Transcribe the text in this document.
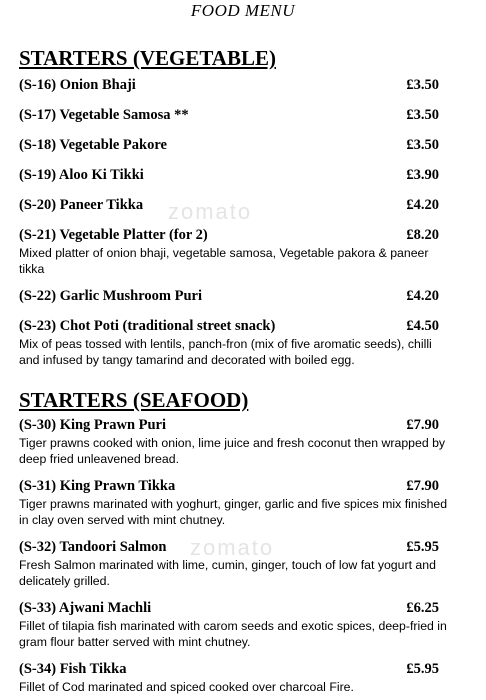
FOOD MENU
STARTERS (VEGETABLE)
(S-16) Onion Bhaji	£3.50
(S-17) Vegetable Samosa **	£3.50
(S-18) Vegetable Pakore	£3.50
(S-19) Aloo Ki Tikki	£3.90
(S-20) Paneer Tikka	£4.20
(S-21) Vegetable Platter (for 2)	£8.20
Mixed platter of onion bhaji, vegetable samosa, Vegetable pakora & paneer tikka
(S-22) Garlic Mushroom Puri	£4.20
(S-23) Chot Poti (traditional street snack)	£4.50
Mix of peas tossed with lentils, panch-fron (mix of five aromatic seeds), chilli and infused by tangy tamarind and decorated with boiled egg.
STARTERS (SEAFOOD)
(S-30) King Prawn Puri	£7.90
Tiger prawns cooked with onion, lime juice and fresh coconut then wrapped by deep fried unleavened bread.
(S-31) King Prawn Tikka	£7.90
Tiger prawns marinated with yoghurt, ginger, garlic and five spices mix finished in clay oven served with mint chutney.
(S-32) Tandoori Salmon	£5.95
Fresh Salmon marinated with lime, cumin, ginger, touch of low fat yogurt and delicately grilled.
(S-33) Ajwani Machli	£6.25
Fillet of tilapia fish marinated with carom seeds and exotic spices, deep-fried in gram flour batter served with mint chutney.
(S-34) Fish Tikka	£5.95
Fillet of Cod marinated and spiced cooked over charcoal Fire.
zomato
zomato
